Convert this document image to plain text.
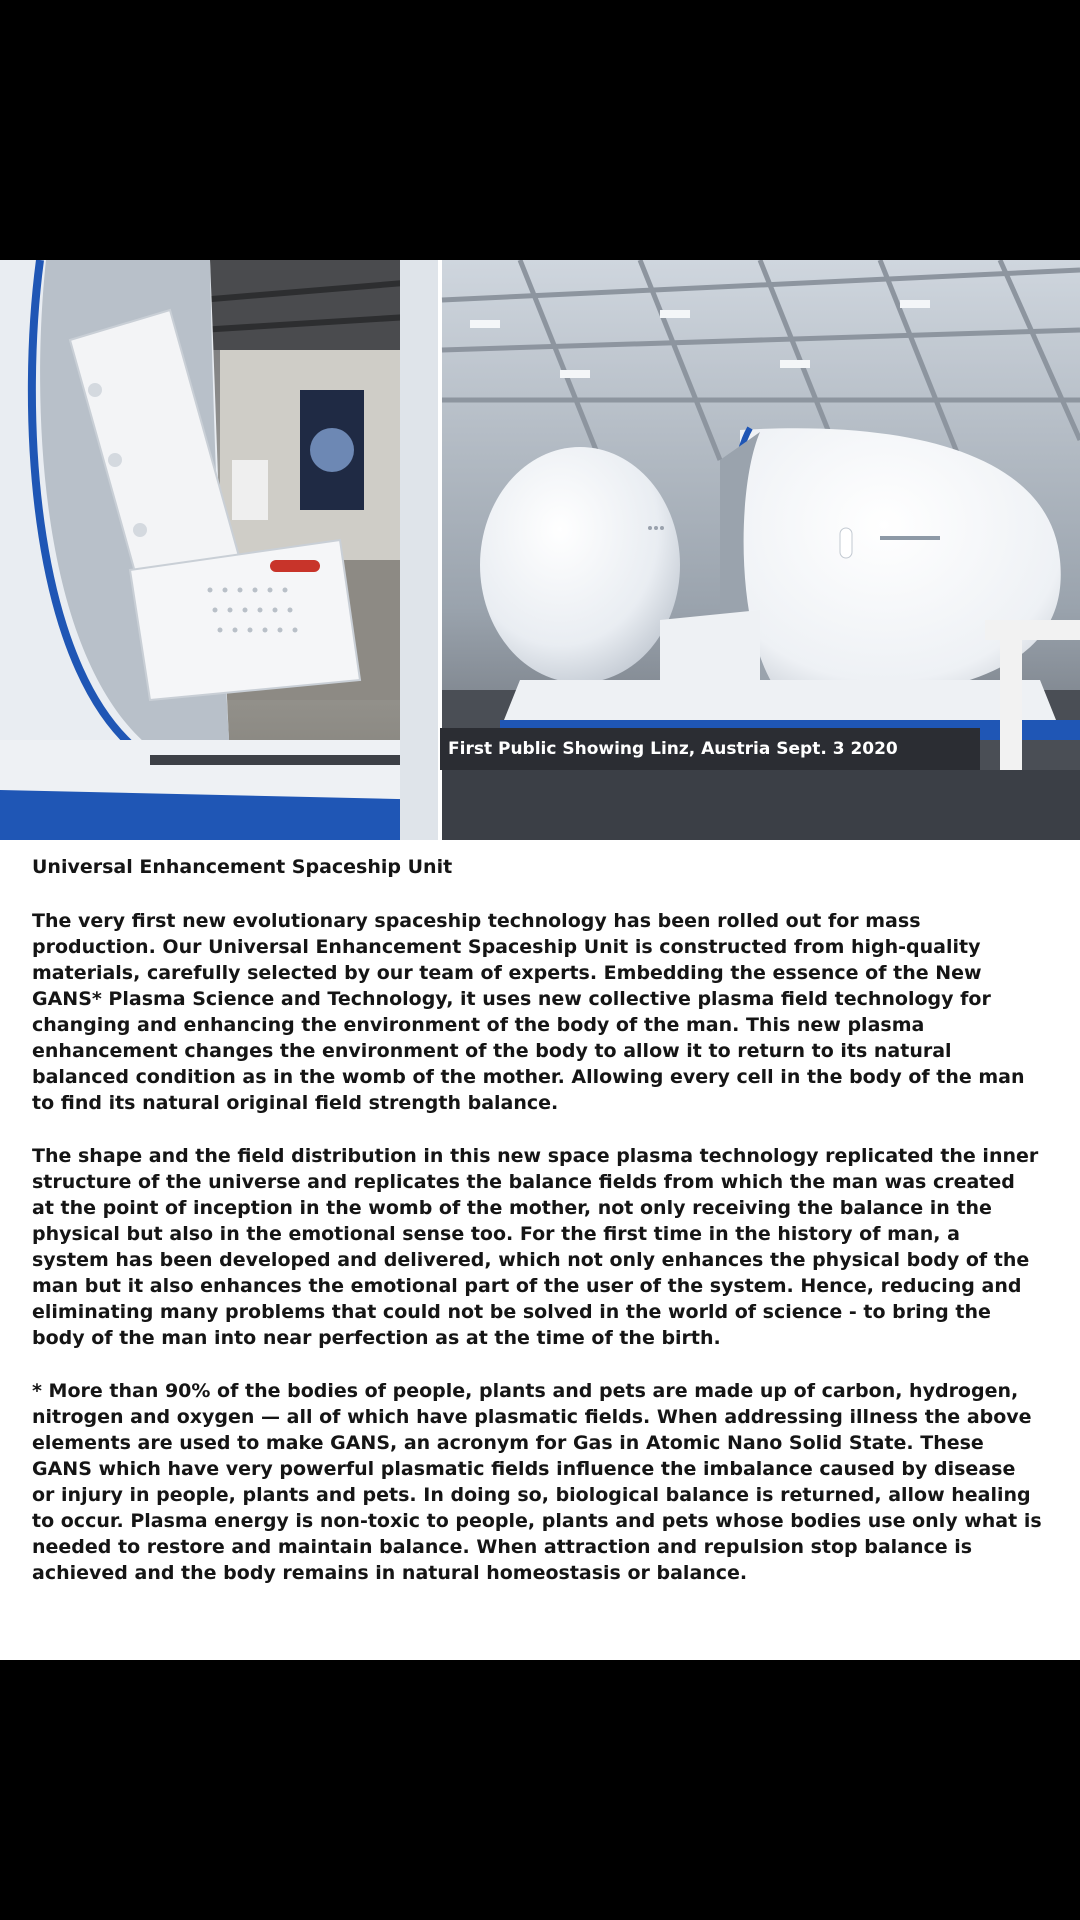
First Public Showing Linz, Austria Sept. 3 2020
Universal Enhancement Spaceship Unit
The very first new evolutionary spaceship technology has been rolled out for mass production. Our Universal Enhancement Spaceship Unit is constructed from high-quality materials, carefully selected by our team of experts. Embedding the essence of the New GANS* Plasma Science and Technology, it uses new collective plasma field technology for changing and enhancing the environment of the body of the man. This new plasma enhancement changes the environment of the body to allow it to return to its natural balanced condition as in the womb of the mother. Allowing every cell in the body of the man to find its natural original field strength balance.
The shape and the field distribution in this new space plasma technology replicated the inner structure of the universe and replicates the balance fields from which the man was created at the point of inception in the womb of the mother, not only receiving the balance in the physical but also in the emotional sense too. For the first time in the history of man, a system has been developed and delivered, which not only enhances the physical body of the man but it also enhances the emotional part of the user of the system. Hence, reducing and eliminating many problems that could not be solved in the world of science - to bring the body of the man into near perfection as at the time of the birth.
* More than 90% of the bodies of people, plants and pets are made up of carbon, hydrogen, nitrogen and oxygen — all of which have plasmatic fields. When addressing illness the above elements are used to make GANS, an acronym for Gas in Atomic Nano Solid State. These GANS which have very powerful plasmatic fields influence the imbalance caused by disease or injury in people, plants and pets. In doing so, biological balance is returned, allow healing to occur. Plasma energy is non-toxic to people, plants and pets whose bodies use only what is needed to restore and maintain balance. When attraction and repulsion stop balance is achieved and the body remains in natural homeostasis or balance.
